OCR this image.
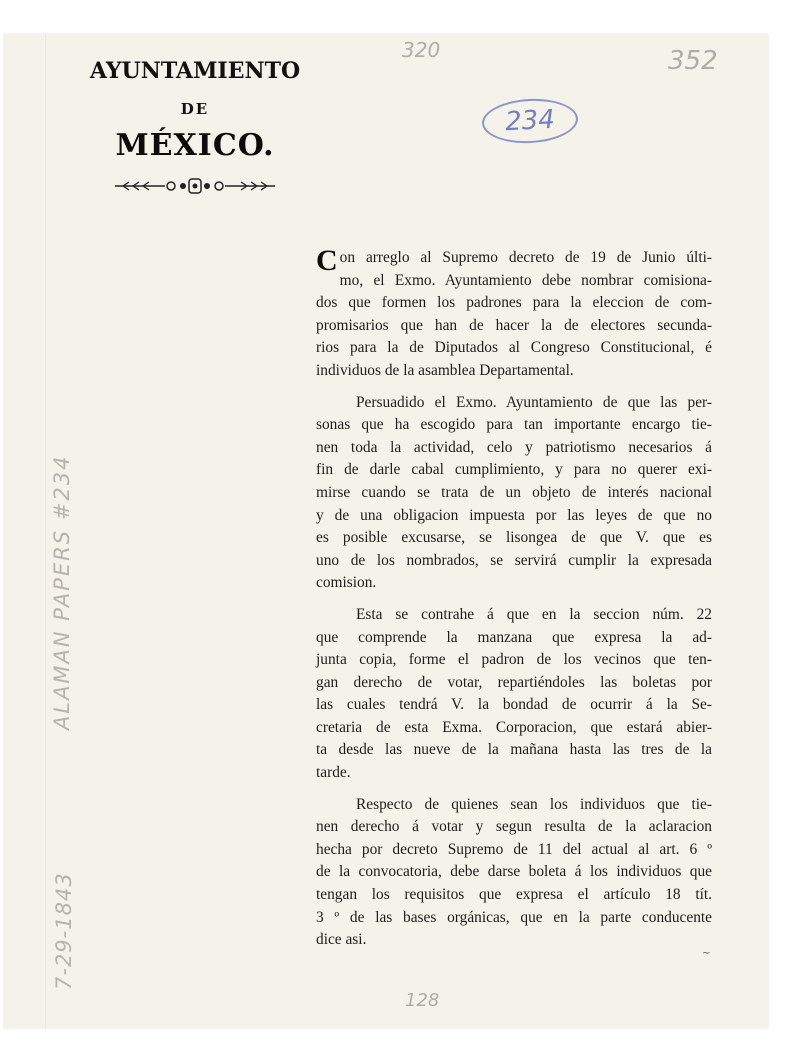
AYUNTAMIENTO
DE
MÉXICO.
320	352
234
128
ALAMAN PAPERS #234
7-29-1843

C on arreglo al Supremo decreto de 19 de Junio últi-
mo, el Exmo. Ayuntamiento debe nombrar comisiona-
dos que formen los padrones para la eleccion de com-
promisarios que han de hacer la de electores secunda-
rios para la de Diputados al Congreso Constitucional, é
individuos de la asamblea Departamental.

Persuadido el Exmo. Ayuntamiento de que las per-
sonas que ha escogido para tan importante encargo tie-
nen toda la actividad, celo y patriotismo necesarios á
fin de darle cabal cumplimiento, y para no querer exi-
mirse cuando se trata de un objeto de interés nacional
y de una obligacion impuesta por las leyes de que no
es posible excusarse, se lisongea de que V. que es
uno de los nombrados, se servirá cumplir la expresada
comision.

Esta se contrahe á que en la seccion núm. 22
que comprende la manzana que expresa la ad-
junta copia, forme el padron de los vecinos que ten-
gan derecho de votar, repartiéndoles las boletas por
las cuales tendrá V. la bondad de ocurrir á la Se-
cretaria de esta Exma. Corporacion, que estará abier-
ta desde las nueve de la mañana hasta las tres de la
tarde.

Respecto de quienes sean los individuos que tie-
nen derecho á votar y segun resulta de la aclaracion
hecha por decreto Supremo de 11 del actual al art. 6 º
de la convocatoria, debe darse boleta á los individuos que
tengan los requisitos que expresa el artículo 18 tít.
3 º de las bases orgánicas, que en la parte conducente
dice asi.

∼
